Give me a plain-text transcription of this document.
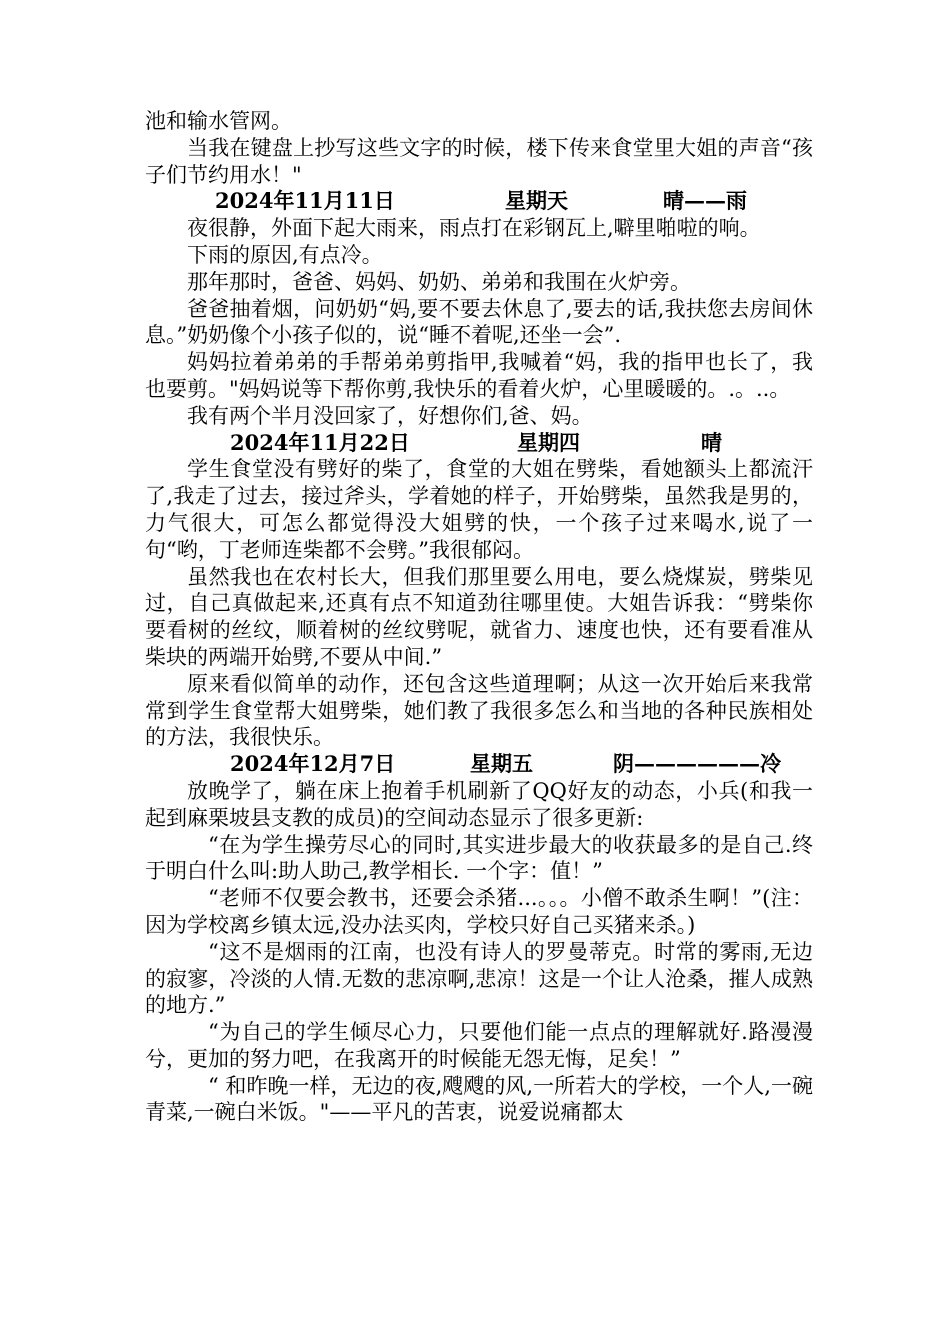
池和输水管网。

当我在键盘上抄写这些文字的时候，楼下传来食堂里大姐的声音“孩子们节约用水！"

2024年11月11日

	星期天

	晴——雨

夜很静，外面下起大雨来，雨点打在彩钢瓦上,噼里啪啦的响。

下雨的原因,有点冷。

那年那时，爸爸、妈妈、奶奶、弟弟和我围在火炉旁。

爸爸抽着烟，问奶奶“妈,要不要去休息了,要去的话,我扶您去房间休息。”奶奶像个小孩子似的，说“睡不着呢,还坐一会”.

妈妈拉着弟弟的手帮弟弟剪指甲,我喊着“妈，我的指甲也长了，我也要剪。"妈妈说等下帮你剪,我快乐的看着火炉，心里暖暖的。.。..。

我有两个半月没回家了，好想你们,爸、妈。

2024年11月22日

	星期四

	晴

学生食堂没有劈好的柴了，食堂的大姐在劈柴，看她额头上都流汗了,我走了过去，接过斧头，学着她的样子，开始劈柴，虽然我是男的，力气很大，可怎么都觉得没大姐劈的快，一个孩子过来喝水,说了一句“哟，丁老师连柴都不会劈。”我很郁闷。

虽然我也在农村长大，但我们那里要么用电，要么烧煤炭，劈柴见过，自己真做起来,还真有点不知道劲往哪里使。大姐告诉我：“劈柴你要看树的丝纹，顺着树的丝纹劈呢，就省力、速度也快，还有要看准从柴块的两端开始劈,不要从中间.”

原来看似简单的动作，还包含这些道理啊；从这一次开始后来我常常到学生食堂帮大姐劈柴，她们教了我很多怎么和当地的各种民族相处的方法，我很快乐。

2024年12月7日

	星期五

	阴——————冷

放晚学了，躺在床上抱着手机刷新了QQ好友的动态，小兵(和我一起到麻栗坡县支教的成员)的空间动态显示了很多更新:

“在为学生操劳尽心的同时,其实进步最大的收获最多的是自己.终于明白什么叫:助人助己,教学相长. 一个字：值！”

“老师不仅要会教书，还要会杀猪...。。。小僧不敢杀生啊！”(注：因为学校离乡镇太远,没办法买肉，学校只好自己买猪来杀。)

“这不是烟雨的江南，也没有诗人的罗曼蒂克。时常的雾雨,无边的寂寥，冷淡的人情.无数的悲凉啊,悲凉！这是一个让人沧桑，摧人成熟的地方.”

“为自己的学生倾尽心力，只要他们能一点点的理解就好.路漫漫兮，更加的努力吧，在我离开的时候能无怨无悔，足矣！”

“ 和昨晚一样，无边的夜,飕飕的风,一所若大的学校，一个人,一碗青菜,一碗白米饭。"——平凡的苦衷，说爱说痛都太
